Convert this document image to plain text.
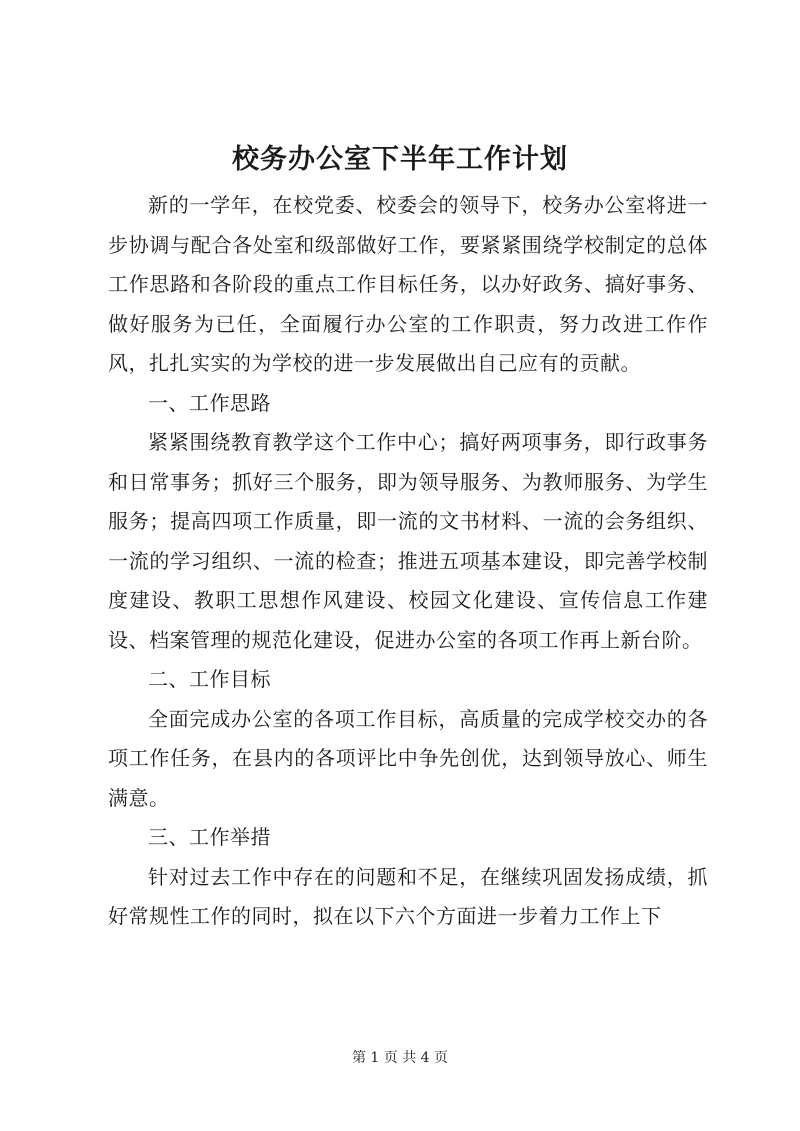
校务办公室下半年工作计划

新的一学年，在校党委、校委会的领导下，校务办公室将进一步协调与配合各处室和级部做好工作，要紧紧围绕学校制定的总体工作思路和各阶段的重点工作目标任务，以办好政务、搞好事务、做好服务为已任，全面履行办公室的工作职责，努力改进工作作风，扎扎实实的为学校的进一步发展做出自己应有的贡献。

一、工作思路

紧紧围绕教育教学这个工作中心；搞好两项事务，即行政事务和日常事务；抓好三个服务，即为领导服务、为教师服务、为学生服务；提高四项工作质量，即一流的文书材料、一流的会务组织、一流的学习组织、一流的检查；推进五项基本建设，即完善学校制度建设、教职工思想作风建设、校园文化建设、宣传信息工作建设、档案管理的规范化建设，促进办公室的各项工作再上新台阶。

二、工作目标

全面完成办公室的各项工作目标，高质量的完成学校交办的各项工作任务，在县内的各项评比中争先创优，达到领导放心、师生满意。

三、工作举措

针对过去工作中存在的问题和不足，在继续巩固发扬成绩，抓好常规性工作的同时，拟在以下六个方面进一步着力工作上下

第 1 页 共 4 页
